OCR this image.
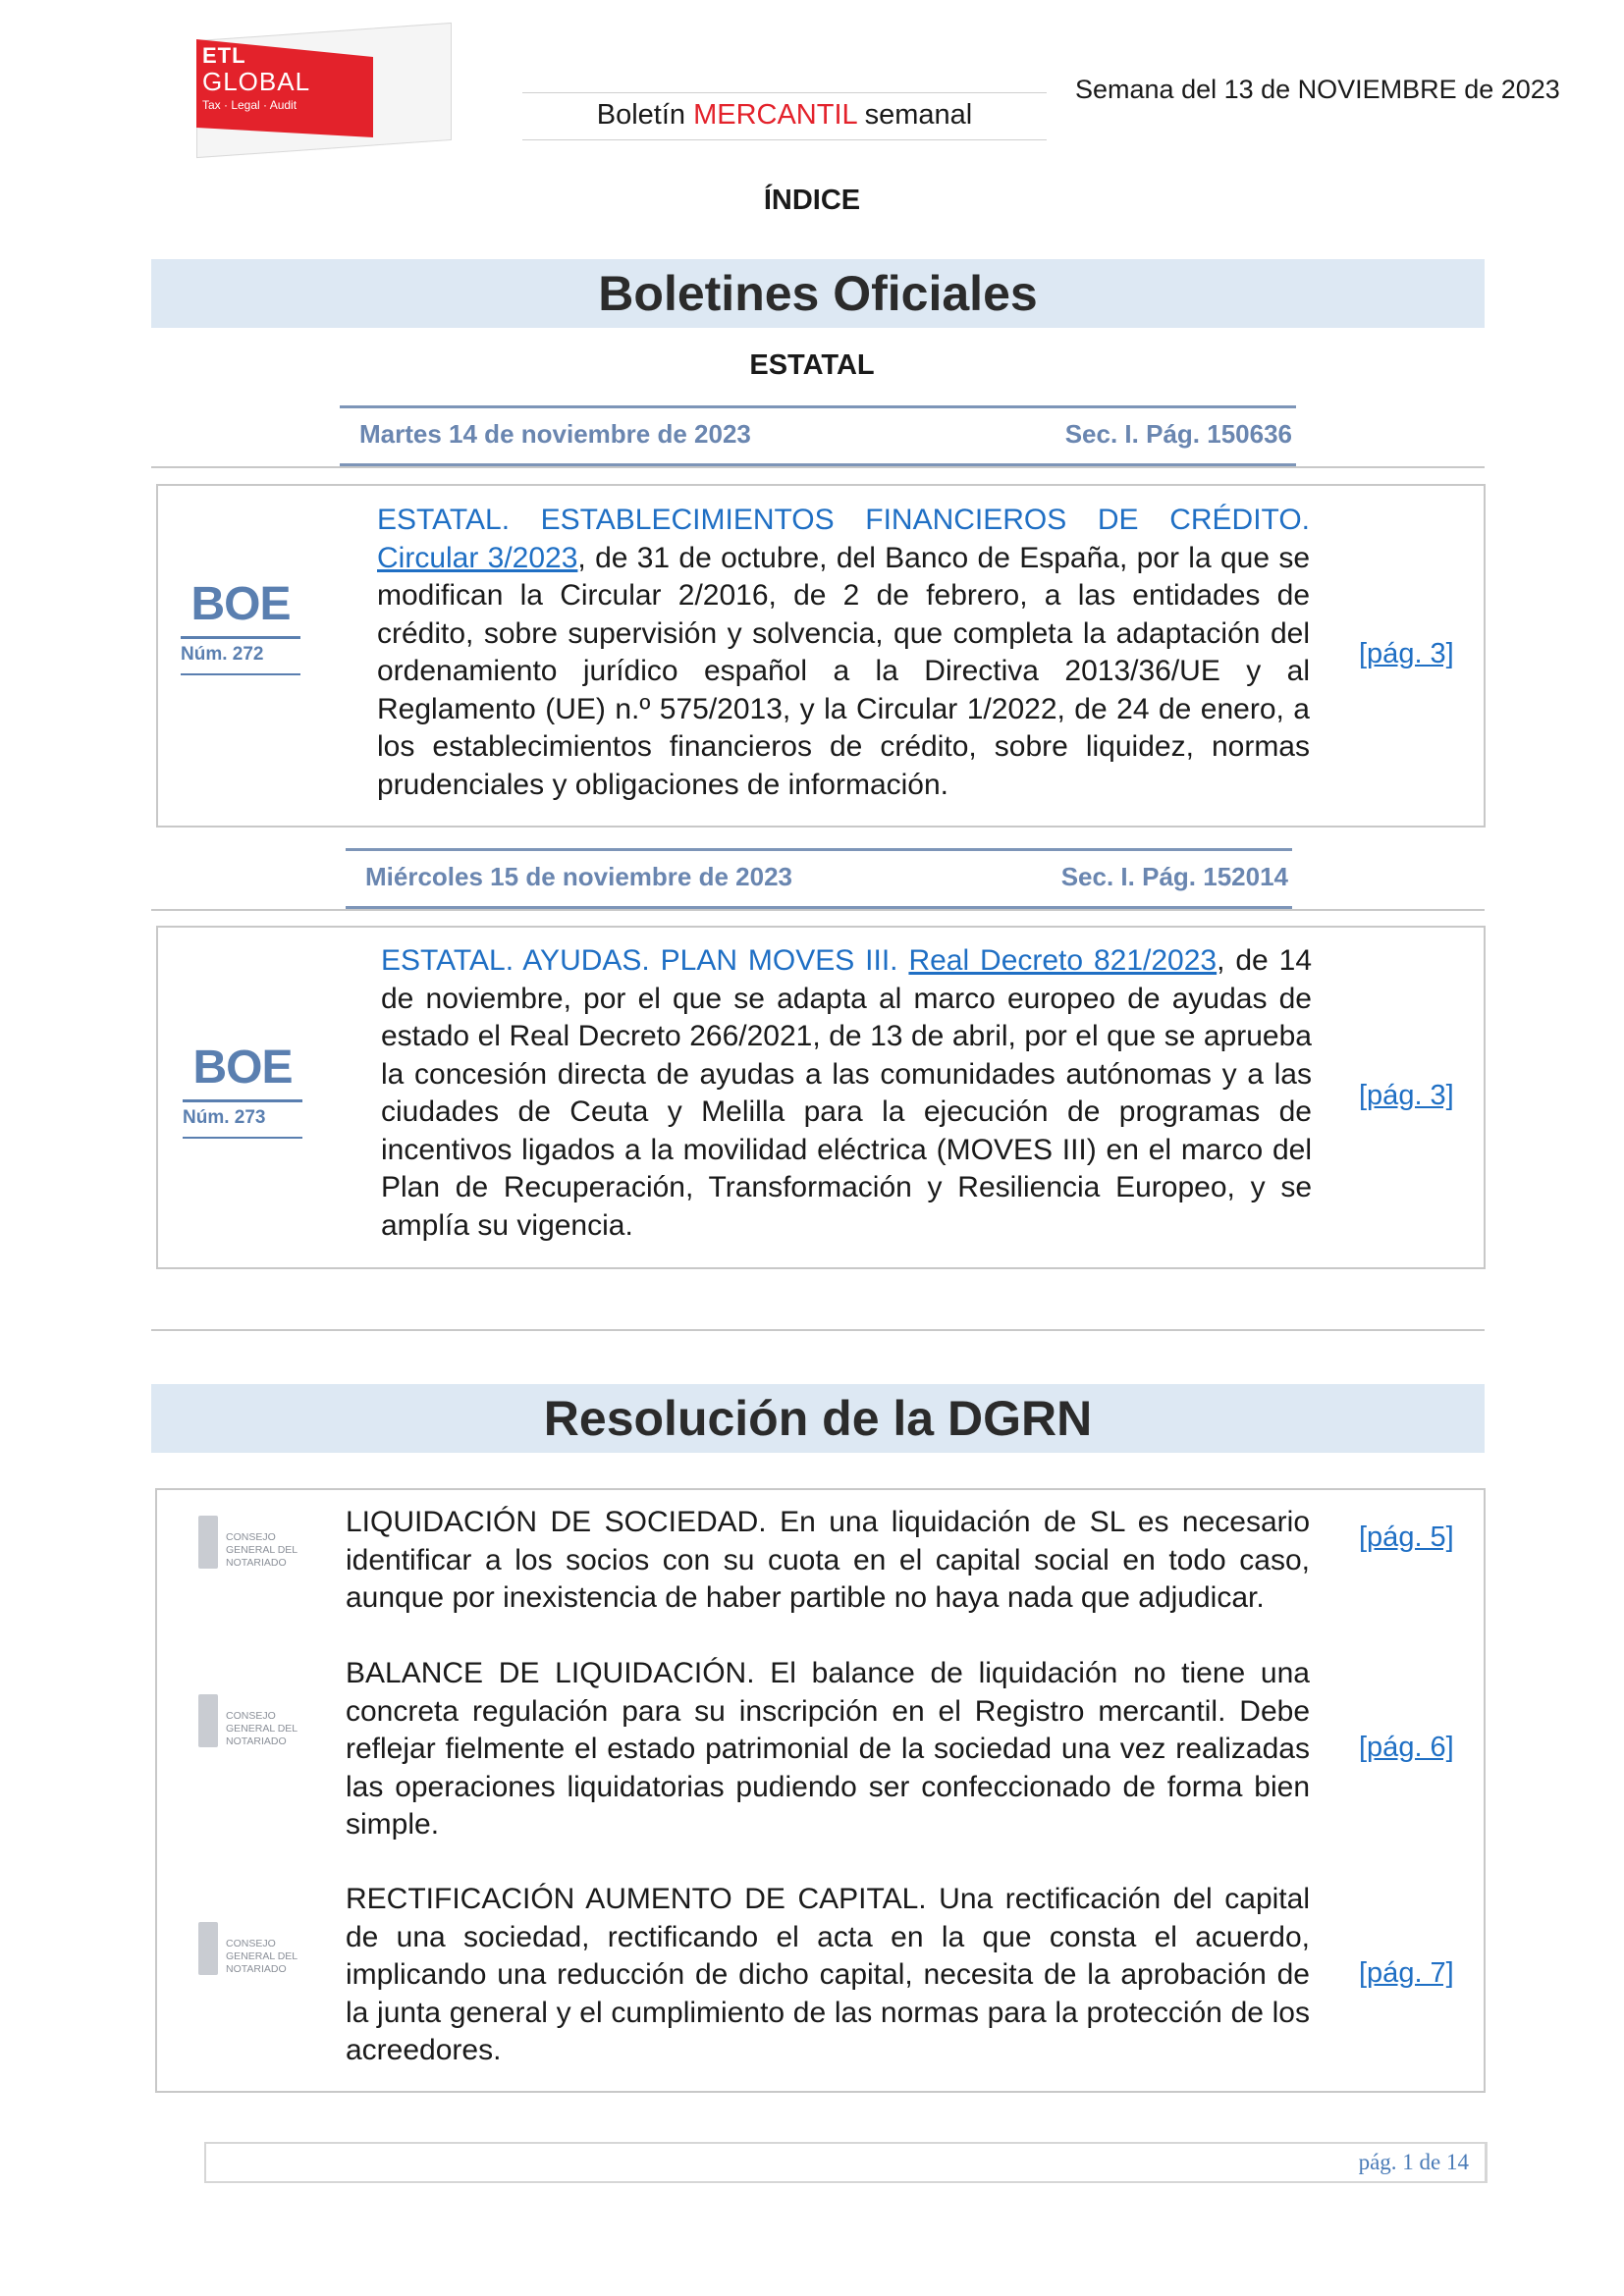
ETL
GLOBAL
Tax · Legal · Audit	Boletín MERCANTIL semanal
Semana del 13 de NOVIEMBRE de 2023
ÍNDICE
Boletines Oficiales
ESTATAL
Martes 14 de noviembre de 2023	Sec. I. Pág. 150636
BOE
Núm. 272
ESTATAL. ESTABLECIMIENTOS FINANCIEROS DE CRÉDITO. Circular 3/2023, de 31 de octubre, del Banco de España, por la que se modifican la Circular 2/2016, de 2 de febrero, a las entidades de crédito, sobre supervisión y solvencia, que completa la adaptación del ordenamiento jurídico español a la Directiva 2013/36/UE y al Reglamento (UE) n.º 575/2013, y la Circular 1/2022, de 24 de enero, a los establecimientos financieros de crédito, sobre liquidez, normas prudenciales y obligaciones de información.
[pág. 3]
Miércoles 15 de noviembre de 2023	Sec. I. Pág. 152014
BOE
Núm. 273
ESTATAL. AYUDAS. PLAN MOVES III. Real Decreto 821/2023, de 14 de noviembre, por el que se adapta al marco europeo de ayudas de estado el Real Decreto 266/2021, de 13 de abril, por el que se aprueba la concesión directa de ayudas a las comunidades autónomas y a las ciudades de Ceuta y Melilla para la ejecución de programas de incentivos ligados a la movilidad eléctrica (MOVES III) en el marco del Plan de Recuperación, Transformación y Resiliencia Europeo, y se amplía su vigencia.
[pág. 3]
Resolución de la DGRN
CONSEJO GENERAL DEL NOTARIADO
LIQUIDACIÓN DE SOCIEDAD. En una liquidación de SL es necesario identificar a los socios con su cuota en el capital social en todo caso, aunque por inexistencia de haber partible no haya nada que adjudicar.
[pág. 5]
CONSEJO GENERAL DEL NOTARIADO
BALANCE DE LIQUIDACIÓN. El balance de liquidación no tiene una concreta regulación para su inscripción en el Registro mercantil. Debe reflejar fielmente el estado patrimonial de la sociedad una vez realizadas las operaciones liquidatorias pudiendo ser confeccionado de forma bien simple.
[pág. 6]
CONSEJO GENERAL DEL NOTARIADO
RECTIFICACIÓN AUMENTO DE CAPITAL. Una rectificación del capital de una sociedad, rectificando el acta en la que consta el acuerdo, implicando una reducción de dicho capital, necesita de la aprobación de la junta general y el cumplimiento de las normas para la protección de los acreedores.
[pág. 7]
pág. 1 de 14
